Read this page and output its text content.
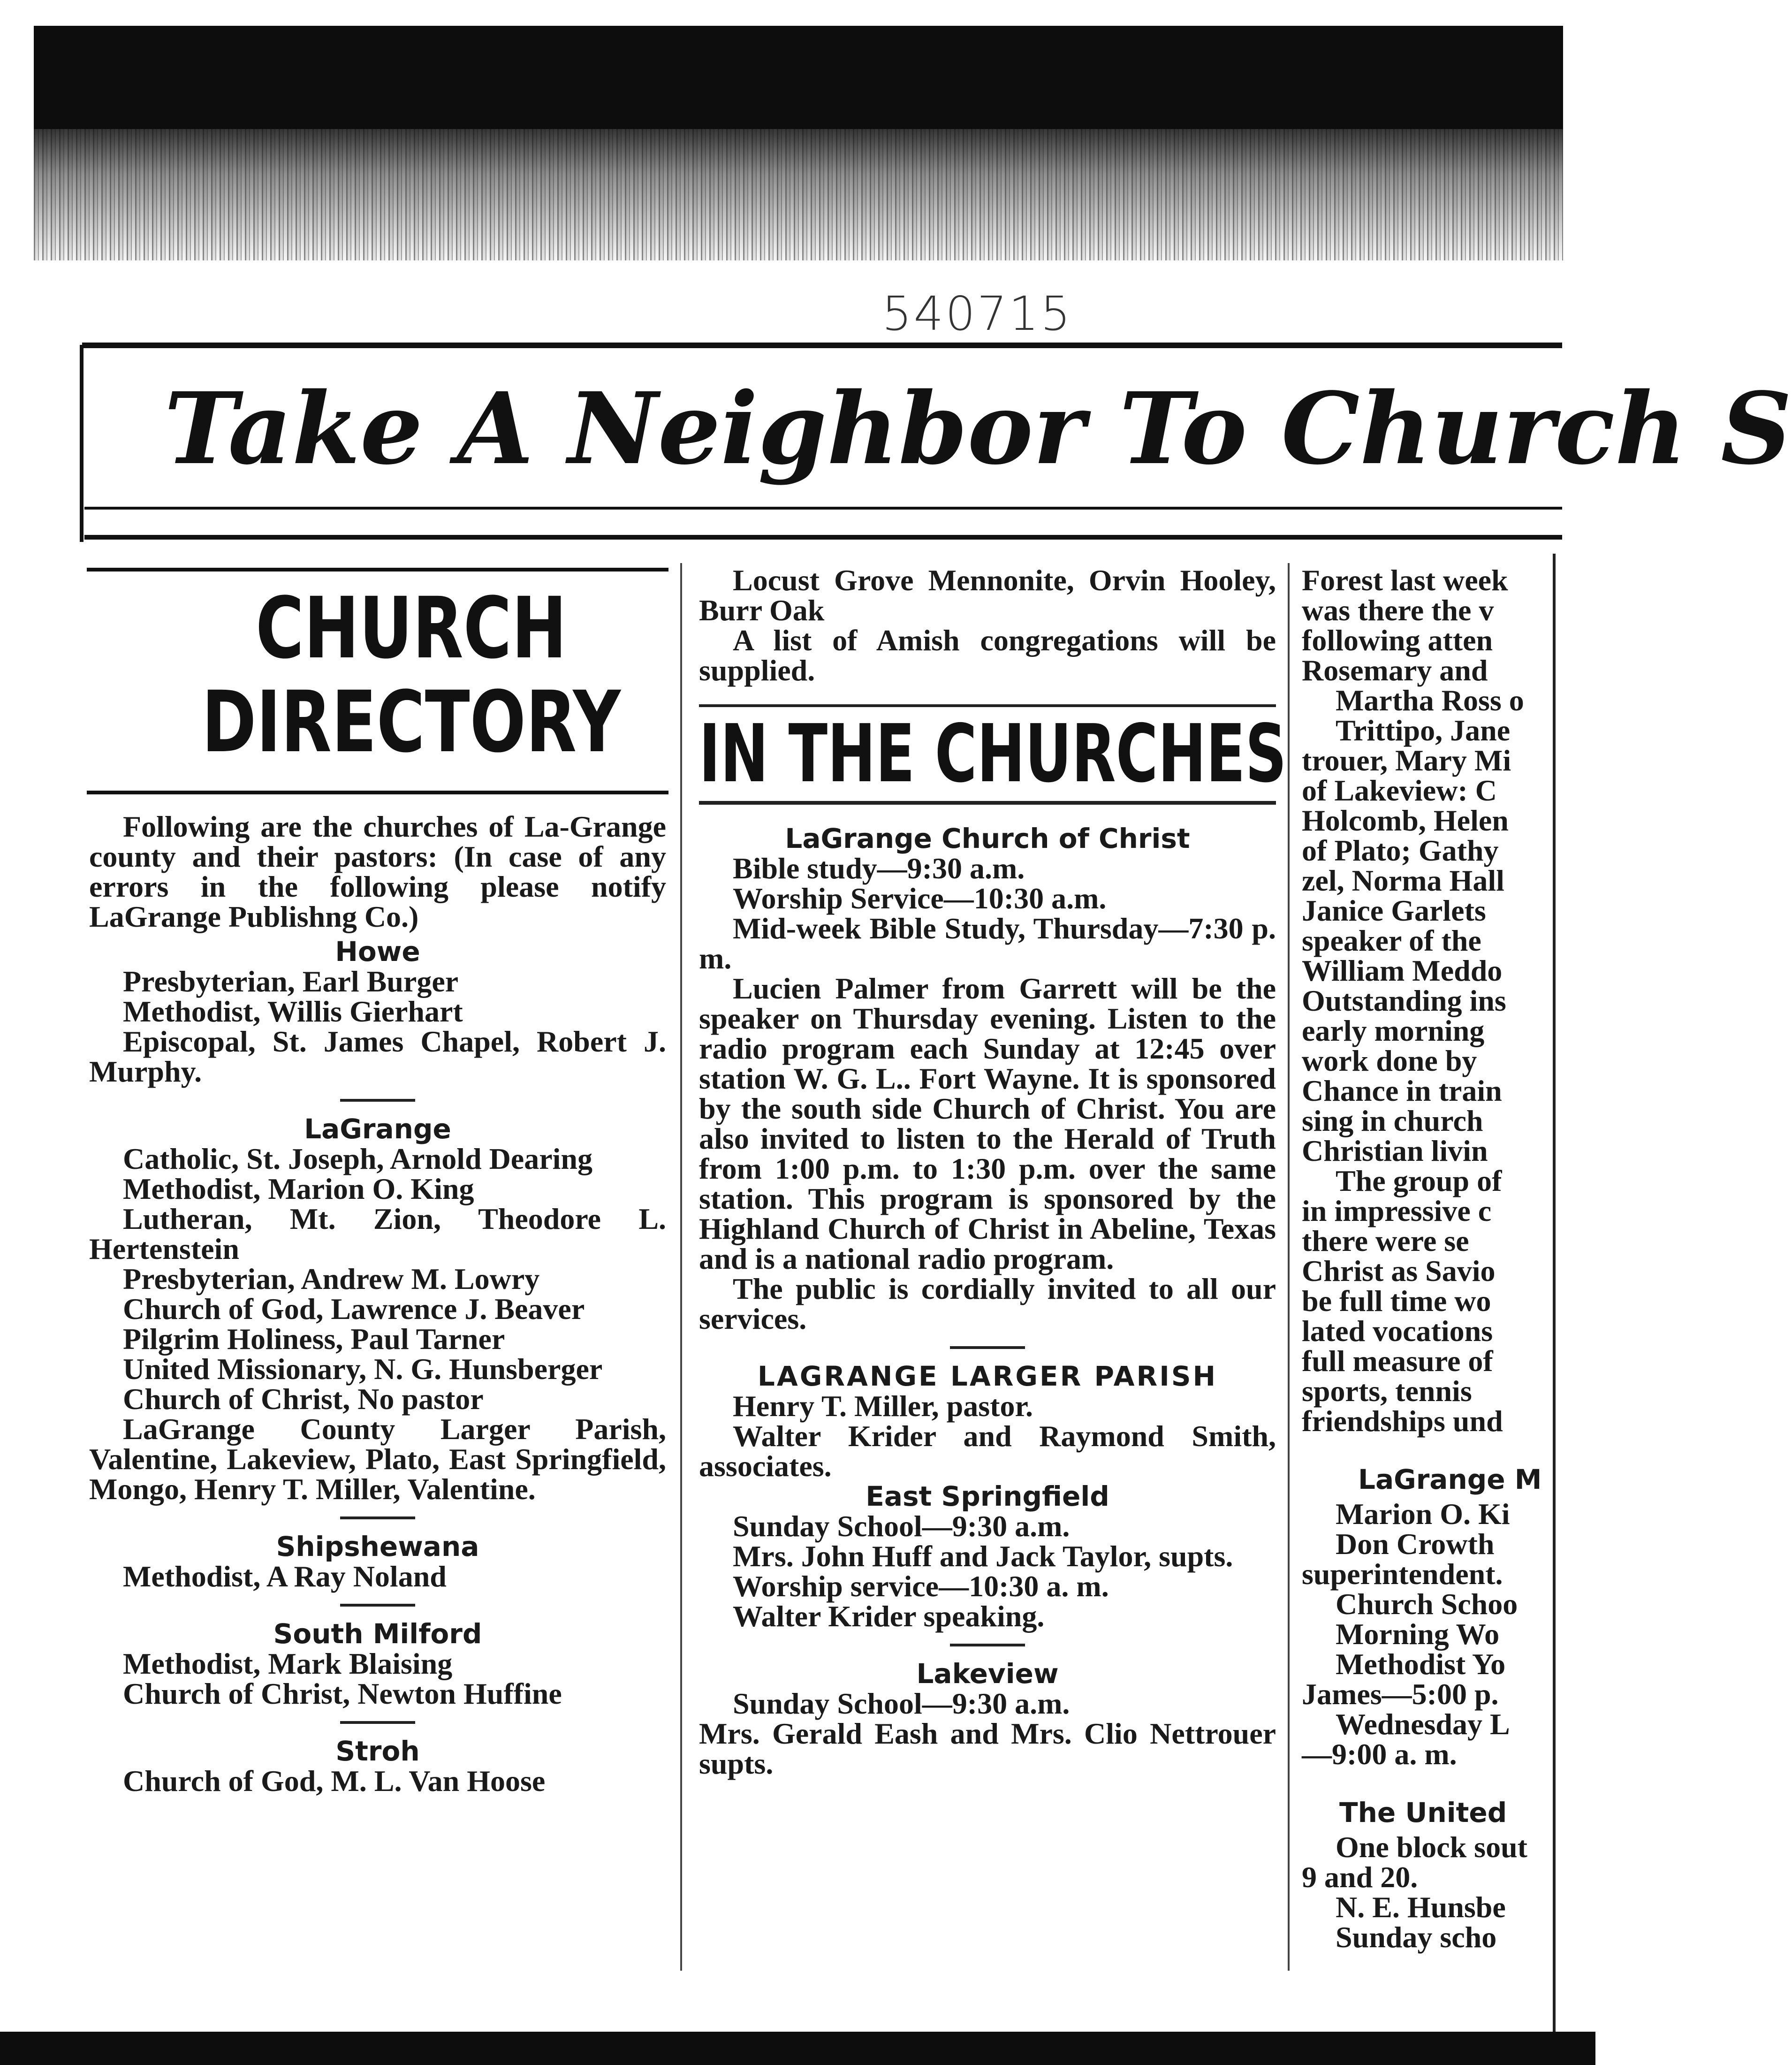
540715
Take A Neighbor To Church S
CHURCH
DIRECTORY

Following are the churches of La-Grange county and their pastors: (In case of any errors in the following please notify LaGrange Publishng Co.)

Howe

Presbyterian, Earl Burger

Methodist, Willis Gierhart

Episcopal, St. James Chapel, Robert J. Murphy.

LaGrange

Catholic, St. Joseph, Arnold Dearing

Methodist, Marion O. King

Lutheran, Mt. Zion, Theodore L. Hertenstein

Presbyterian, Andrew M. Lowry

Church of God, Lawrence J. Beaver

Pilgrim Holiness, Paul Tarner

United Missionary, N. G. Hunsberger

Church of Christ, No pastor

LaGrange County Larger Parish, Valentine, Lakeview, Plato, East Springfield, Mongo, Henry T. Miller, Valentine.

Shipshewana

Methodist, A Ray Noland

South Milford

Methodist, Mark Blaising

Church of Christ, Newton Huffine

Stroh

Church of God, M. L. Van Hoose

Locust Grove Mennonite, Orvin Hooley, Burr Oak

A list of Amish congregations will be supplied.

IN THE CHURCHES

LaGrange Church of Christ

Bible study—9:30 a.m.

Worship Service—10:30 a.m.

Mid-week Bible Study, Thursday—7:30 p. m.

Lucien Palmer from Garrett will be the speaker on Thursday evening. Listen to the radio program each Sunday at 12:45 over station W. G. L.. Fort Wayne. It is sponsored by the south side Church of Christ. You are also invited to listen to the Herald of Truth from 1:00 p.m. to 1:30 p.m. over the same station. This program is sponsored by the Highland Church of Christ in Abeline, Texas and is a national radio program.

The public is cordially invited to all our services.

LAGRANGE LARGER PARISH

Henry T. Miller, pastor.

Walter Krider and Raymond Smith, associates.

East Springfield

Sunday School—9:30 a.m.

Mrs. John Huff and Jack Taylor, supts.

Worship service—10:30 a. m.

Walter Krider speaking.

Lakeview

Sunday School—9:30 a.m.

Mrs. Gerald Eash and Mrs. Clio Nettrouer supts.

Forest last week

was there the v

following atten

Rosemary and

Martha Ross o

Trittipo, Jane

trouer, Mary Mi

of Lakeview: C

Holcomb, Helen

of Plato; Gathy

zel, Norma Hall

Janice Garlets

speaker of the

William Meddo

Outstanding ins

early morning

work done by

Chance in train

sing in church

Christian livin

The group of

in impressive c

there were se

Christ as Savio

be full time wo

lated vocations

full measure of

sports, tennis

friendships und

LaGrange M

Marion O. Ki

Don Crowth

superintendent.

Church Schoo

Morning Wo

Methodist Yo

James—5:00 p.

Wednesday L

—9:00 a. m.

The United

One block sout

9 and 20.

N. E. Hunsbe

Sunday scho
